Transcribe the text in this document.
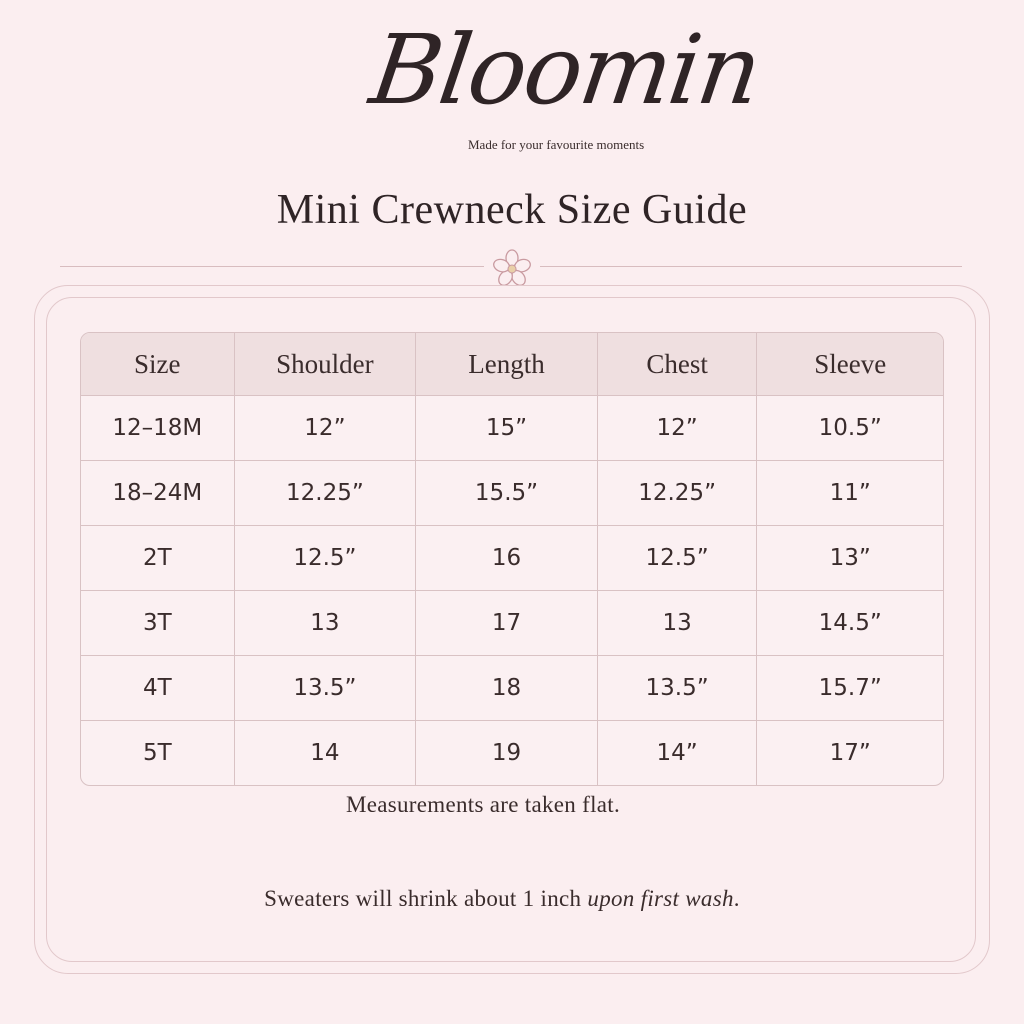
Bloomin
Made for your favourite moments
Mini Crewneck Size Guide
Size	Shoulder	Length	Chest	Sleeve
12–18M	12”	15”	12”	10.5”
18–24M	12.25”	15.5”	12.25”	11”
2T	12.5”	16	12.5”	13”
3T	13	17	13	14.5”
4T	13.5”	18	13.5”	15.7”
5T	14	19	14”	17”
Measurements are taken flat.
Sweaters will shrink about 1 inch upon first wash.
